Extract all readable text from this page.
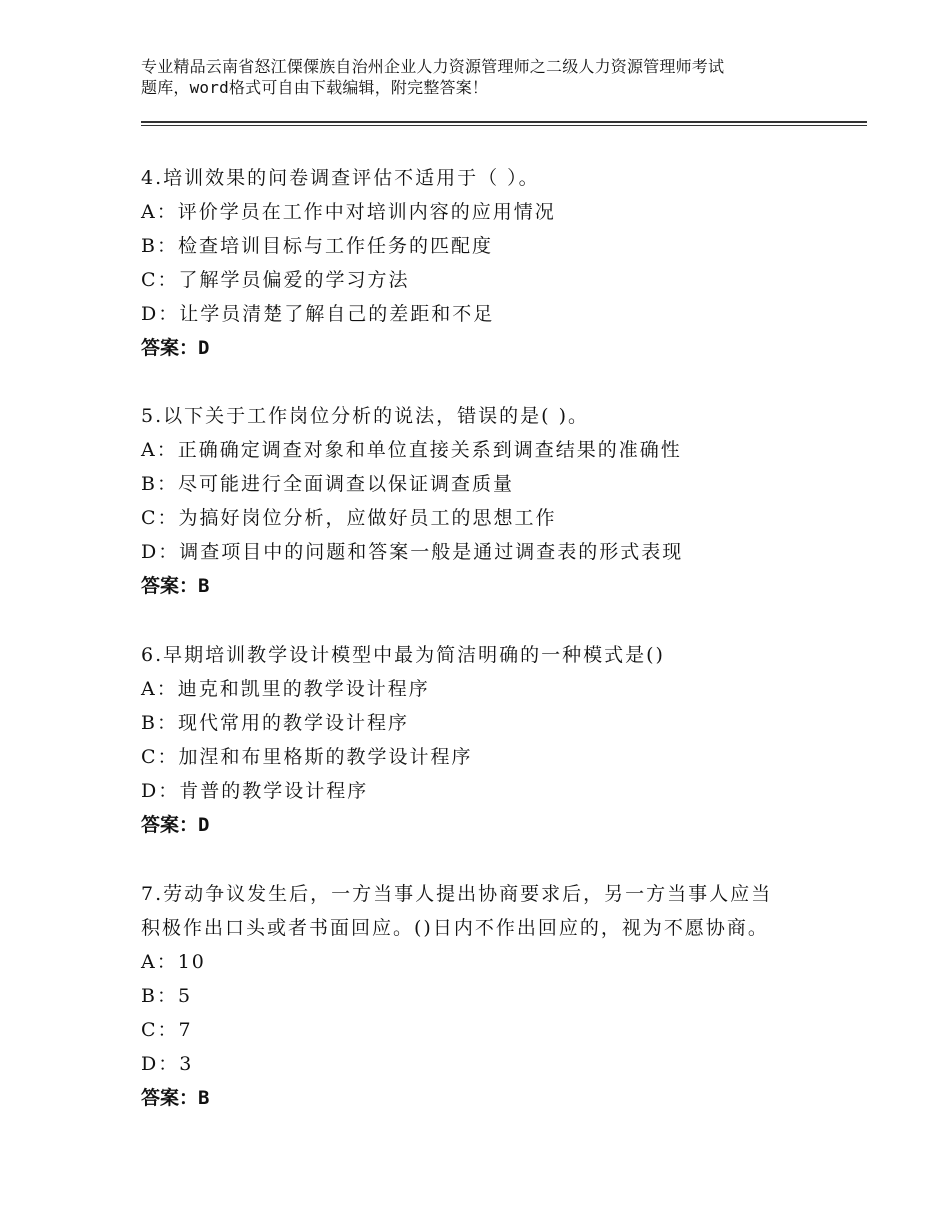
专业精品云南省怒江傈僳族自治州企业人力资源管理师之二级人力资源管理师考试
题库，word格式可自由下载编辑，附完整答案！
4.培训效果的问卷调查评估不适用于（ ）。
A：评价学员在工作中对培训内容的应用情况
B：检查培训目标与工作任务的匹配度
C：了解学员偏爱的学习方法
D：让学员清楚了解自己的差距和不足
答案：D
5.以下关于工作岗位分析的说法，错误的是( )。
A：正确确定调查对象和单位直接关系到调查结果的准确性
B：尽可能进行全面调查以保证调查质量
C：为搞好岗位分析，应做好员工的思想工作
D：调查项目中的问题和答案一般是通过调查表的形式表现
答案：B
6.早期培训教学设计模型中最为简洁明确的一种模式是()
A：迪克和凯里的教学设计程序
B：现代常用的教学设计程序
C：加涅和布里格斯的教学设计程序
D：肯普的教学设计程序
答案：D
7.劳动争议发生后，一方当事人提出协商要求后，另一方当事人应当
积极作出口头或者书面回应。()日内不作出回应的，视为不愿协商。
A：10
B：5
C：7
D：3
答案：B
